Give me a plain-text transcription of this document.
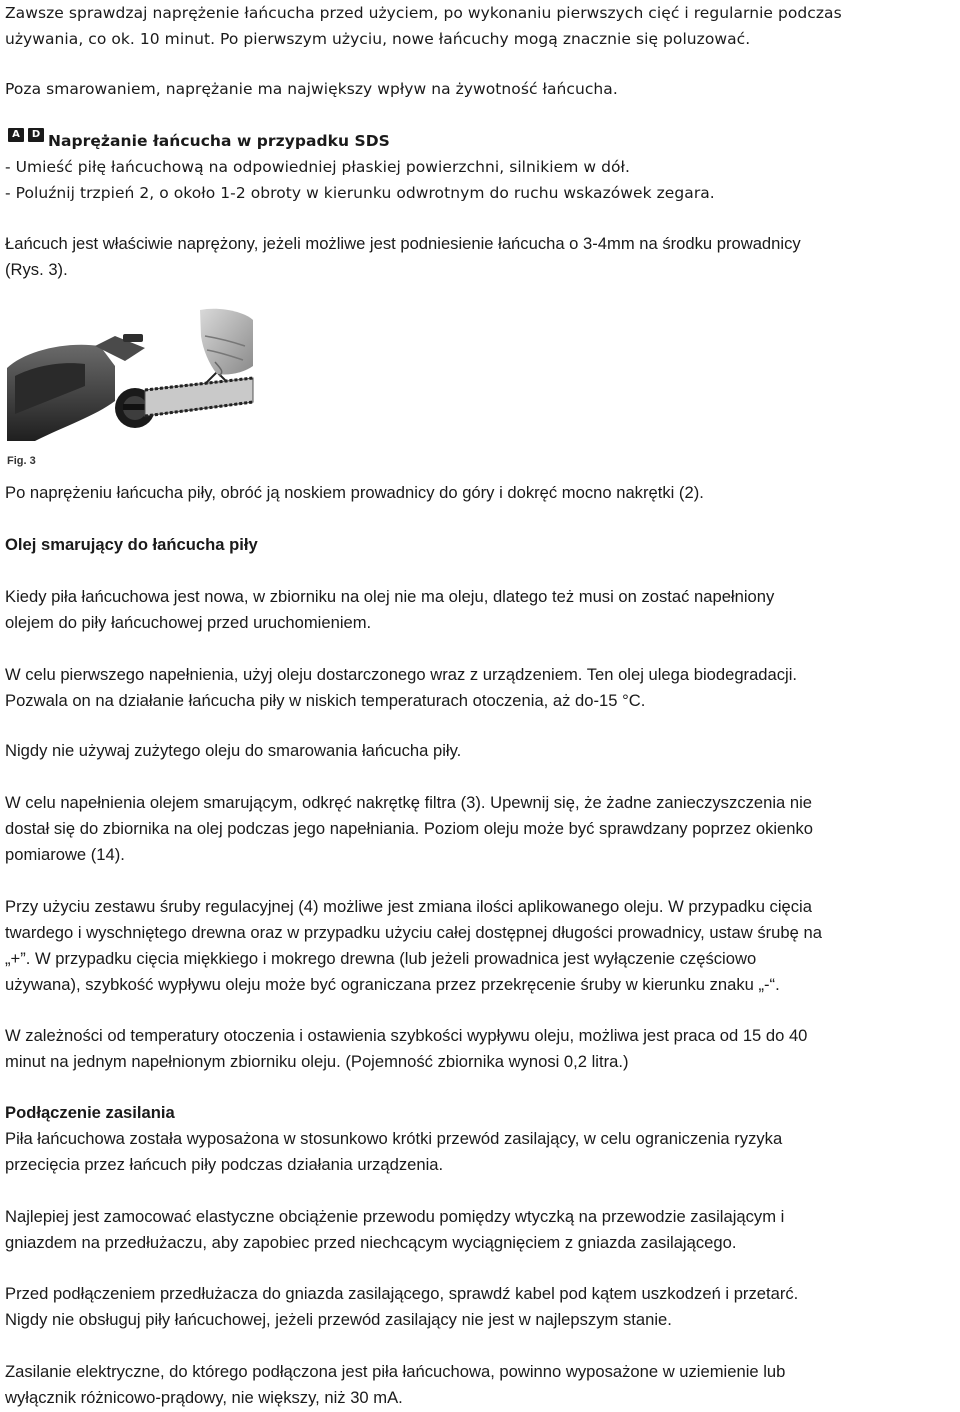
Zawsze sprawdzaj naprężenie łańcucha przed użyciem, po wykonaniu pierwszych cięć i regularnie podczas

używania, co ok. 10 minut. Po pierwszym użyciu, nowe łańcuchy mogą znacznie się poluzować.

Poza smarowaniem, naprężanie ma największy wpływ na żywotność łańcucha.

A	D Naprężanie łańcucha w przypadku SDS

- Umieść piłę łańcuchową na odpowiedniej płaskiej powierzchni, silnikiem w dół.

- Poluźnij trzpień 2, o około 1-2 obroty w kierunku odwrotnym do ruchu wskazówek zegara.

Łańcuch jest właściwie naprężony, jeżeli możliwe jest podniesienie łańcucha o 3-4mm na środku prowadnicy

(Rys. 3).

Fig. 3

Po naprężeniu łańcucha piły, obróć ją noskiem prowadnicy do góry i dokręć mocno nakrętki (2).

Olej smarujący do łańcucha piły

Kiedy piła łańcuchowa jest nowa, w zbiorniku na olej nie ma oleju, dlatego też musi on zostać napełniony

olejem do piły łańcuchowej przed uruchomieniem.

W celu pierwszego napełnienia, użyj oleju dostarczonego wraz z urządzeniem. Ten olej ulega biodegradacji.

Pozwala on na działanie łańcucha piły w niskich temperaturach otoczenia, aż do-15 °C.

Nigdy nie używaj zużytego oleju do smarowania łańcucha piły.

W celu napełnienia olejem smarującym, odkręć nakrętkę filtra (3). Upewnij się, że żadne zanieczyszczenia nie

dostał się do zbiornika na olej podczas jego napełniania. Poziom oleju może być sprawdzany poprzez okienko

pomiarowe (14).

Przy użyciu zestawu śruby regulacyjnej (4) możliwe jest zmiana ilości aplikowanego oleju. W przypadku cięcia

twardego i wyschniętego drewna oraz w przypadku użyciu całej dostępnej długości prowadnicy, ustaw śrubę na

„+”. W przypadku cięcia miękkiego i mokrego drewna (lub jeżeli prowadnica jest wyłączenie częściowo

używana), szybkość wypływu oleju może być ograniczana przez przekręcenie śruby w kierunku znaku „-“.

W zależności od temperatury otoczenia i ostawienia szybkości wypływu oleju, możliwa jest praca od 15 do 40

minut na jednym napełnionym zbiorniku oleju. (Pojemność zbiornika wynosi 0,2 litra.)

Podłączenie zasilania

Piła łańcuchowa została wyposażona w stosunkowo krótki przewód zasilający, w celu ograniczenia ryzyka

przecięcia przez łańcuch piły podczas działania urządzenia.

Najlepiej jest zamocować elastyczne obciążenie przewodu pomiędzy wtyczką na przewodzie zasilającym i

gniazdem na przedłużaczu, aby zapobiec przed niechcącym wyciągnięciem z gniazda zasilającego.

Przed podłączeniem przedłużacza do gniazda zasilającego, sprawdź kabel pod kątem uszkodzeń i przetarć.

Nigdy nie obsługuj piły łańcuchowej, jeżeli przewód zasilający nie jest w najlepszym stanie.

Zasilanie elektryczne, do którego podłączona jest piła łańcuchowa, powinno wyposażone w uziemienie lub

wyłącznik różnicowo-prądowy, nie większy, niż 30 mA.
